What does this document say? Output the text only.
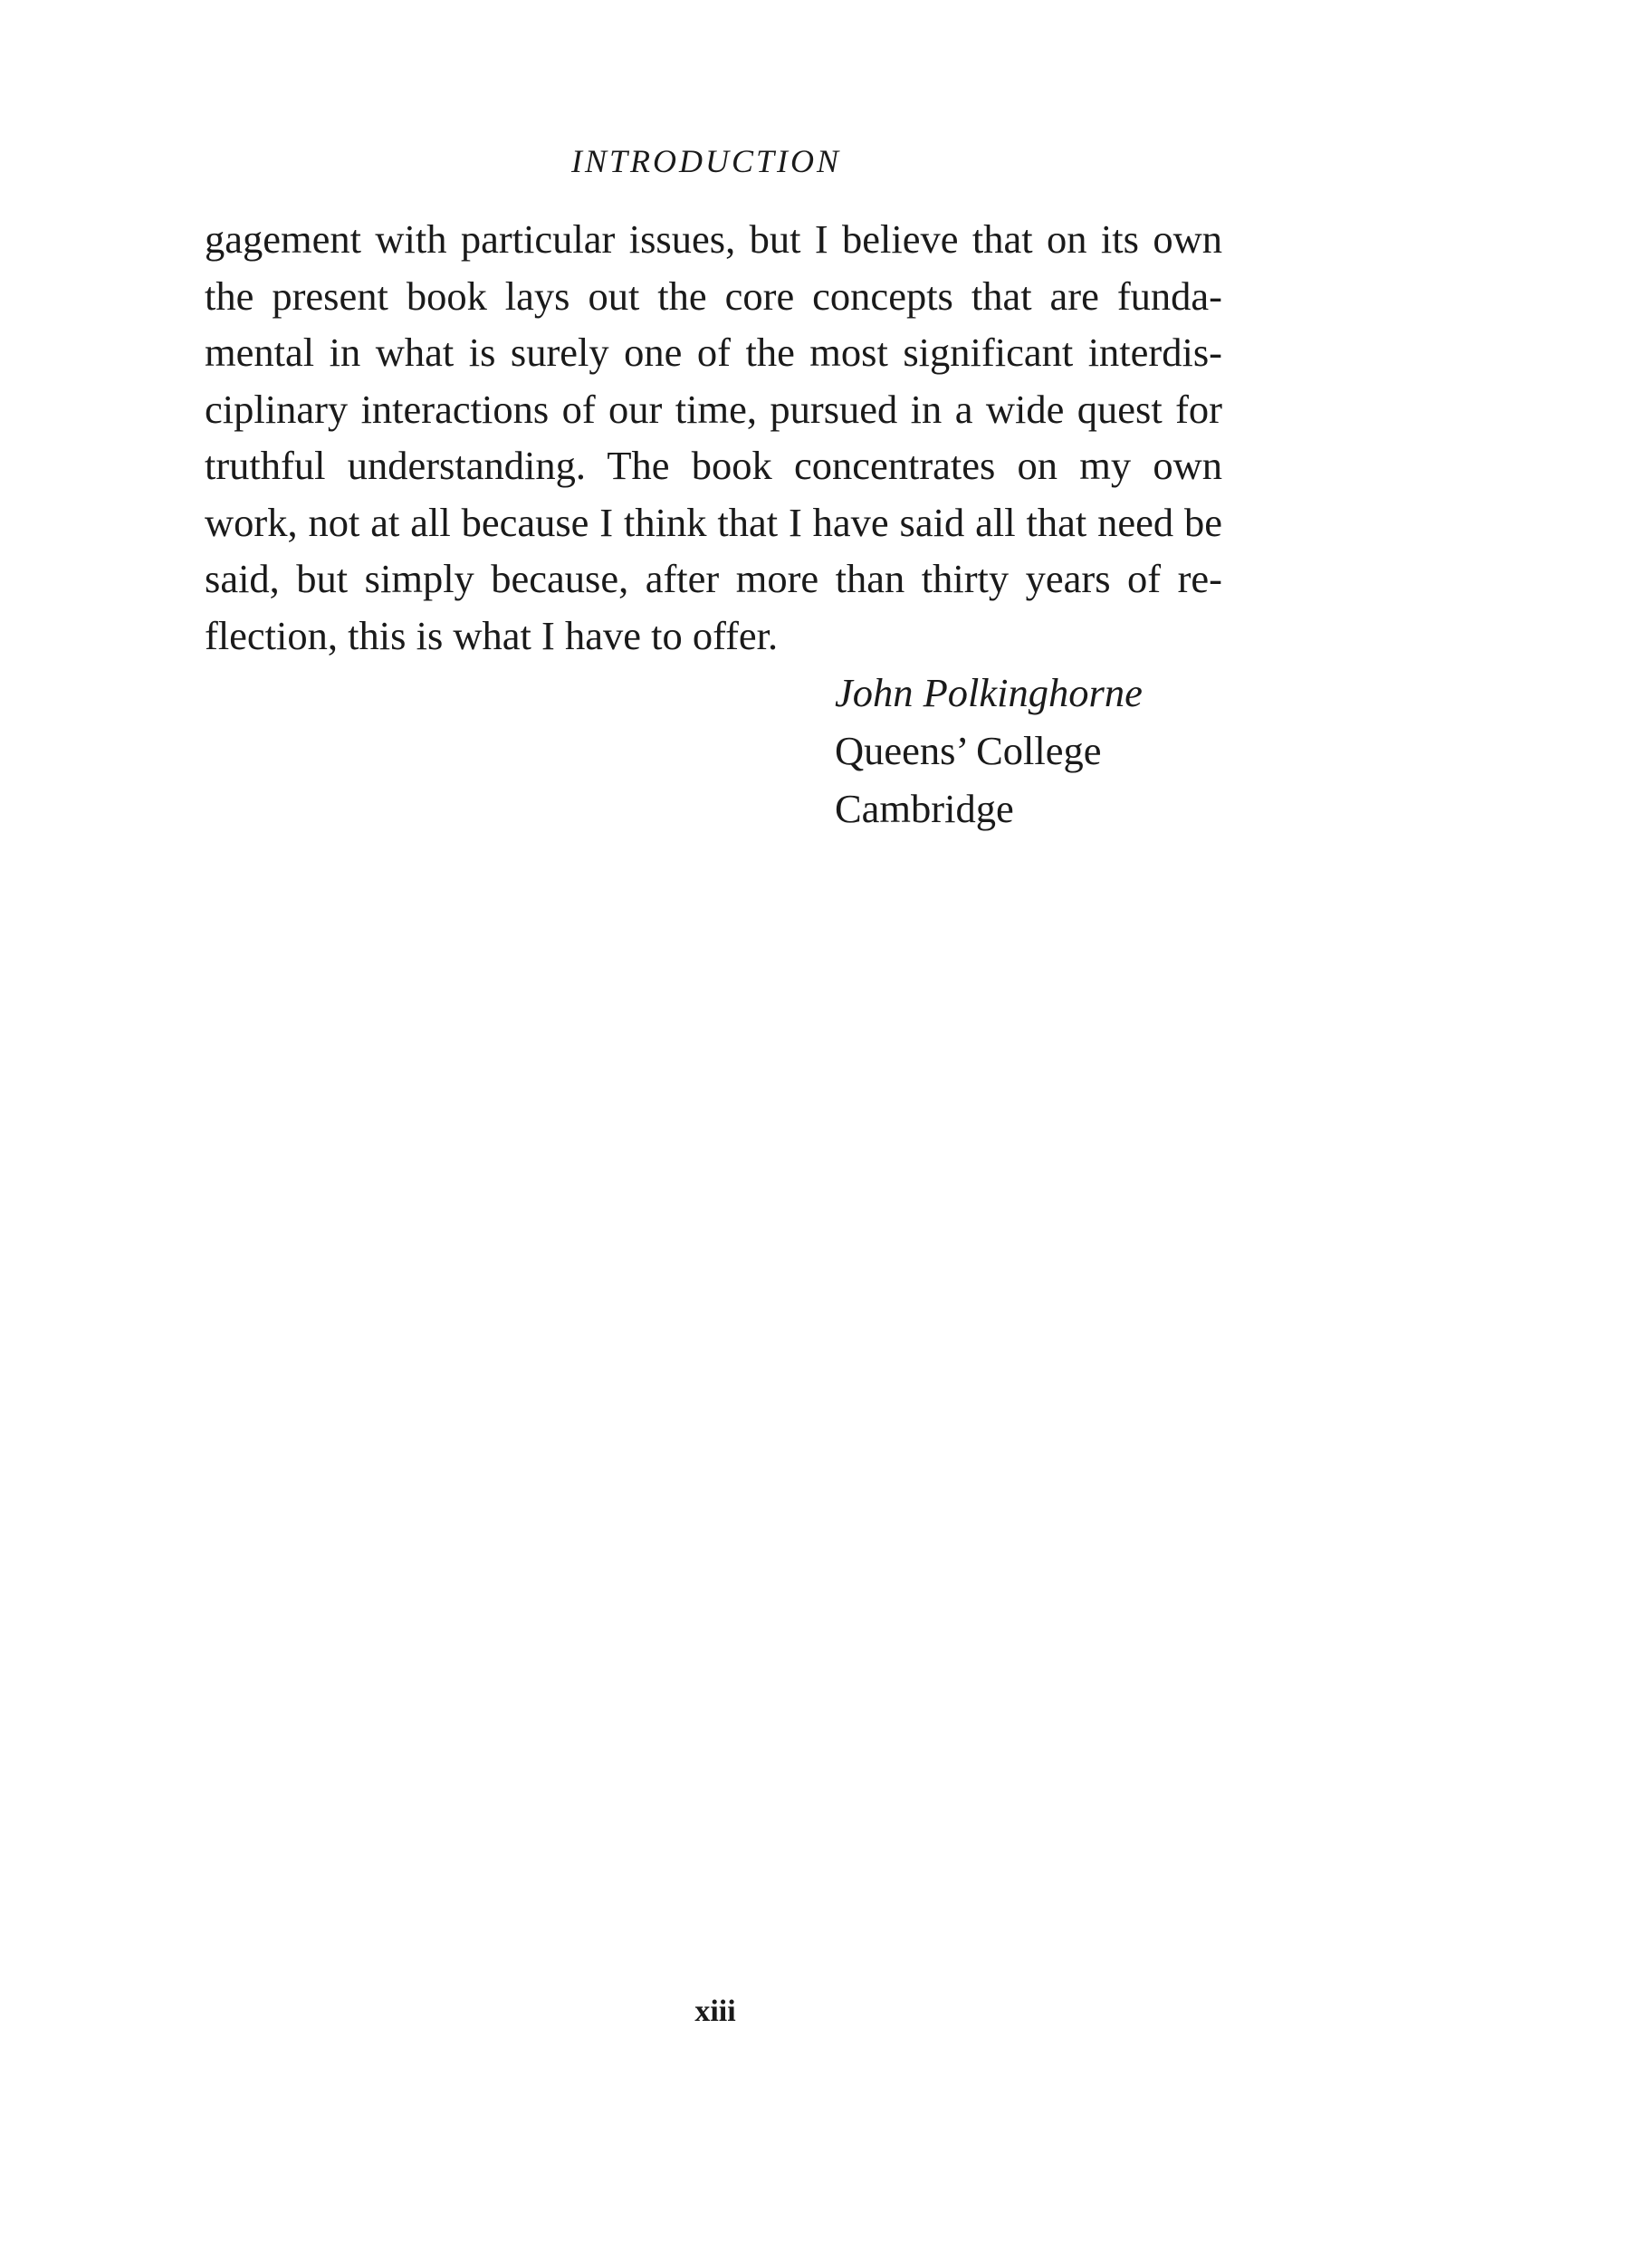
INTRODUCTION
gagement with particular issues, but I believe that on its own
the present book lays out the core concepts that are funda-
mental in what is surely one of the most significant interdis-
ciplinary interactions of our time, pursued in a wide quest for
truthful understanding. The book concentrates on my own
work, not at all because I think that I have said all that need be
said, but simply because, after more than thirty years of re-
flection, this is what I have to offer.
John Polkinghorne
Queens’ College
Cambridge
xiii
